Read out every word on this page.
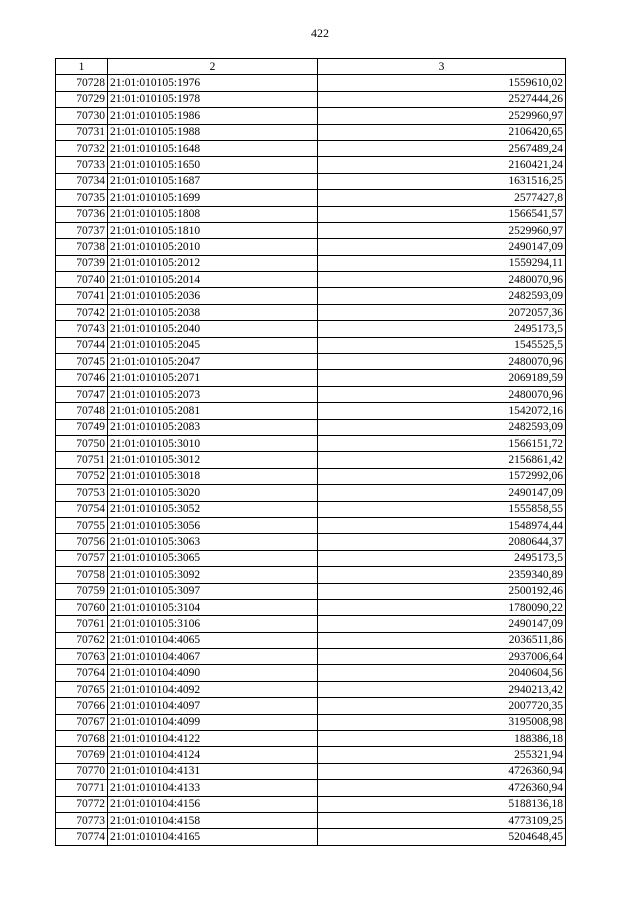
422
1	2	3
70728	21:01:010105:1976	1559610,02
70729	21:01:010105:1978	2527444,26
70730	21:01:010105:1986	2529960,97
70731	21:01:010105:1988	2106420,65
70732	21:01:010105:1648	2567489,24
70733	21:01:010105:1650	2160421,24
70734	21:01:010105:1687	1631516,25
70735	21:01:010105:1699	2577427,8
70736	21:01:010105:1808	1566541,57
70737	21:01:010105:1810	2529960,97
70738	21:01:010105:2010	2490147,09
70739	21:01:010105:2012	1559294,11
70740	21:01:010105:2014	2480070,96
70741	21:01:010105:2036	2482593,09
70742	21:01:010105:2038	2072057,36
70743	21:01:010105:2040	2495173,5
70744	21:01:010105:2045	1545525,5
70745	21:01:010105:2047	2480070,96
70746	21:01:010105:2071	2069189,59
70747	21:01:010105:2073	2480070,96
70748	21:01:010105:2081	1542072,16
70749	21:01:010105:2083	2482593,09
70750	21:01:010105:3010	1566151,72
70751	21:01:010105:3012	2156861,42
70752	21:01:010105:3018	1572992,06
70753	21:01:010105:3020	2490147,09
70754	21:01:010105:3052	1555858,55
70755	21:01:010105:3056	1548974,44
70756	21:01:010105:3063	2080644,37
70757	21:01:010105:3065	2495173,5
70758	21:01:010105:3092	2359340,89
70759	21:01:010105:3097	2500192,46
70760	21:01:010105:3104	1780090,22
70761	21:01:010105:3106	2490147,09
70762	21:01:010104:4065	2036511,86
70763	21:01:010104:4067	2937006,64
70764	21:01:010104:4090	2040604,56
70765	21:01:010104:4092	2940213,42
70766	21:01:010104:4097	2007720,35
70767	21:01:010104:4099	3195008,98
70768	21:01:010104:4122	188386,18
70769	21:01:010104:4124	255321,94
70770	21:01:010104:4131	4726360,94
70771	21:01:010104:4133	4726360,94
70772	21:01:010104:4156	5188136,18
70773	21:01:010104:4158	4773109,25
70774	21:01:010104:4165	5204648,45
